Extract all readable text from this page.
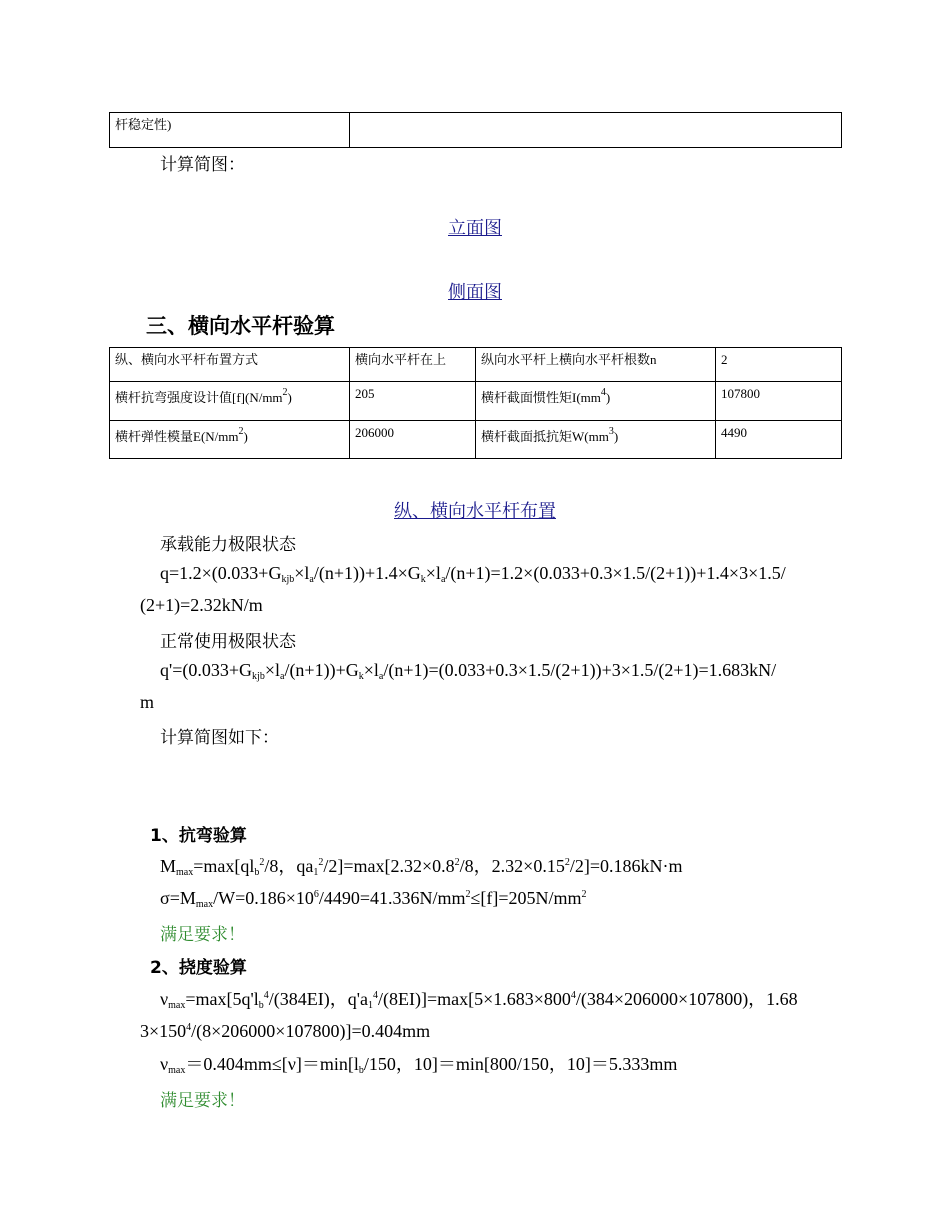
杆稳定性)	
计算简图：
立面图
侧面图
三、横向水平杆验算
纵、横向水平杆布置方式	横向水平杆在上	纵向水平杆上横向水平杆根数n	2
横杆抗弯强度设计值$[f](N/mm^2)$	205	横杆截面惯性矩$I(mm^4)$	107800
横杆弹性模量$E(N/mm^2)$	206000	横杆截面抵抗矩$W(mm^3)$	4490
纵、横向水平杆布置
承载能力极限状态
$q=1.2\times(0.033+G_{kjb}\times l_a/(n+1))+1.4\times G_k\times l_a/(n+1)=1.2\times(0.033+0.3\times 1.5/(2+1))+1.4\times 3\times 1.5/$
(2+1)=2.32kN/m
正常使用极限状态
$q'=(0.033+G_{kjb}\times l_a/(n+1))+G_k\times l_a/(n+1)=(0.033+0.3\times 1.5/(2+1))+3\times 1.5/(2+1)=1.683kN/$
m
计算简图如下：
1、抗弯验算
$M_{max}=\max[ql_b^2/8$，$qa_1^2/2]=\max[2.32\times 0.8^2/8$，$2.32\times 0.15^2/2]=0.186kN\cdot m$
$\sigma=M_{max}/W=0.186\times 10^6/4490=41.336N/mm^2\le[f]=205N/mm^2$
满足要求！
2、挠度验算
$\nu_{max}=\max[5q'l_b^4/(384EI)$，$q'a_1^4/(8EI)]=\max[5\times 1.683\times 800^4/(384\times 206000\times 107800)$，1.68
$3\times 150^4/(8\times 206000\times 107800)]=0.404mm$
$\nu_{max}=0.404mm\le[\nu]=\min[l_b/150$，10]＝min[800/150，10]＝5.333mm
满足要求！
